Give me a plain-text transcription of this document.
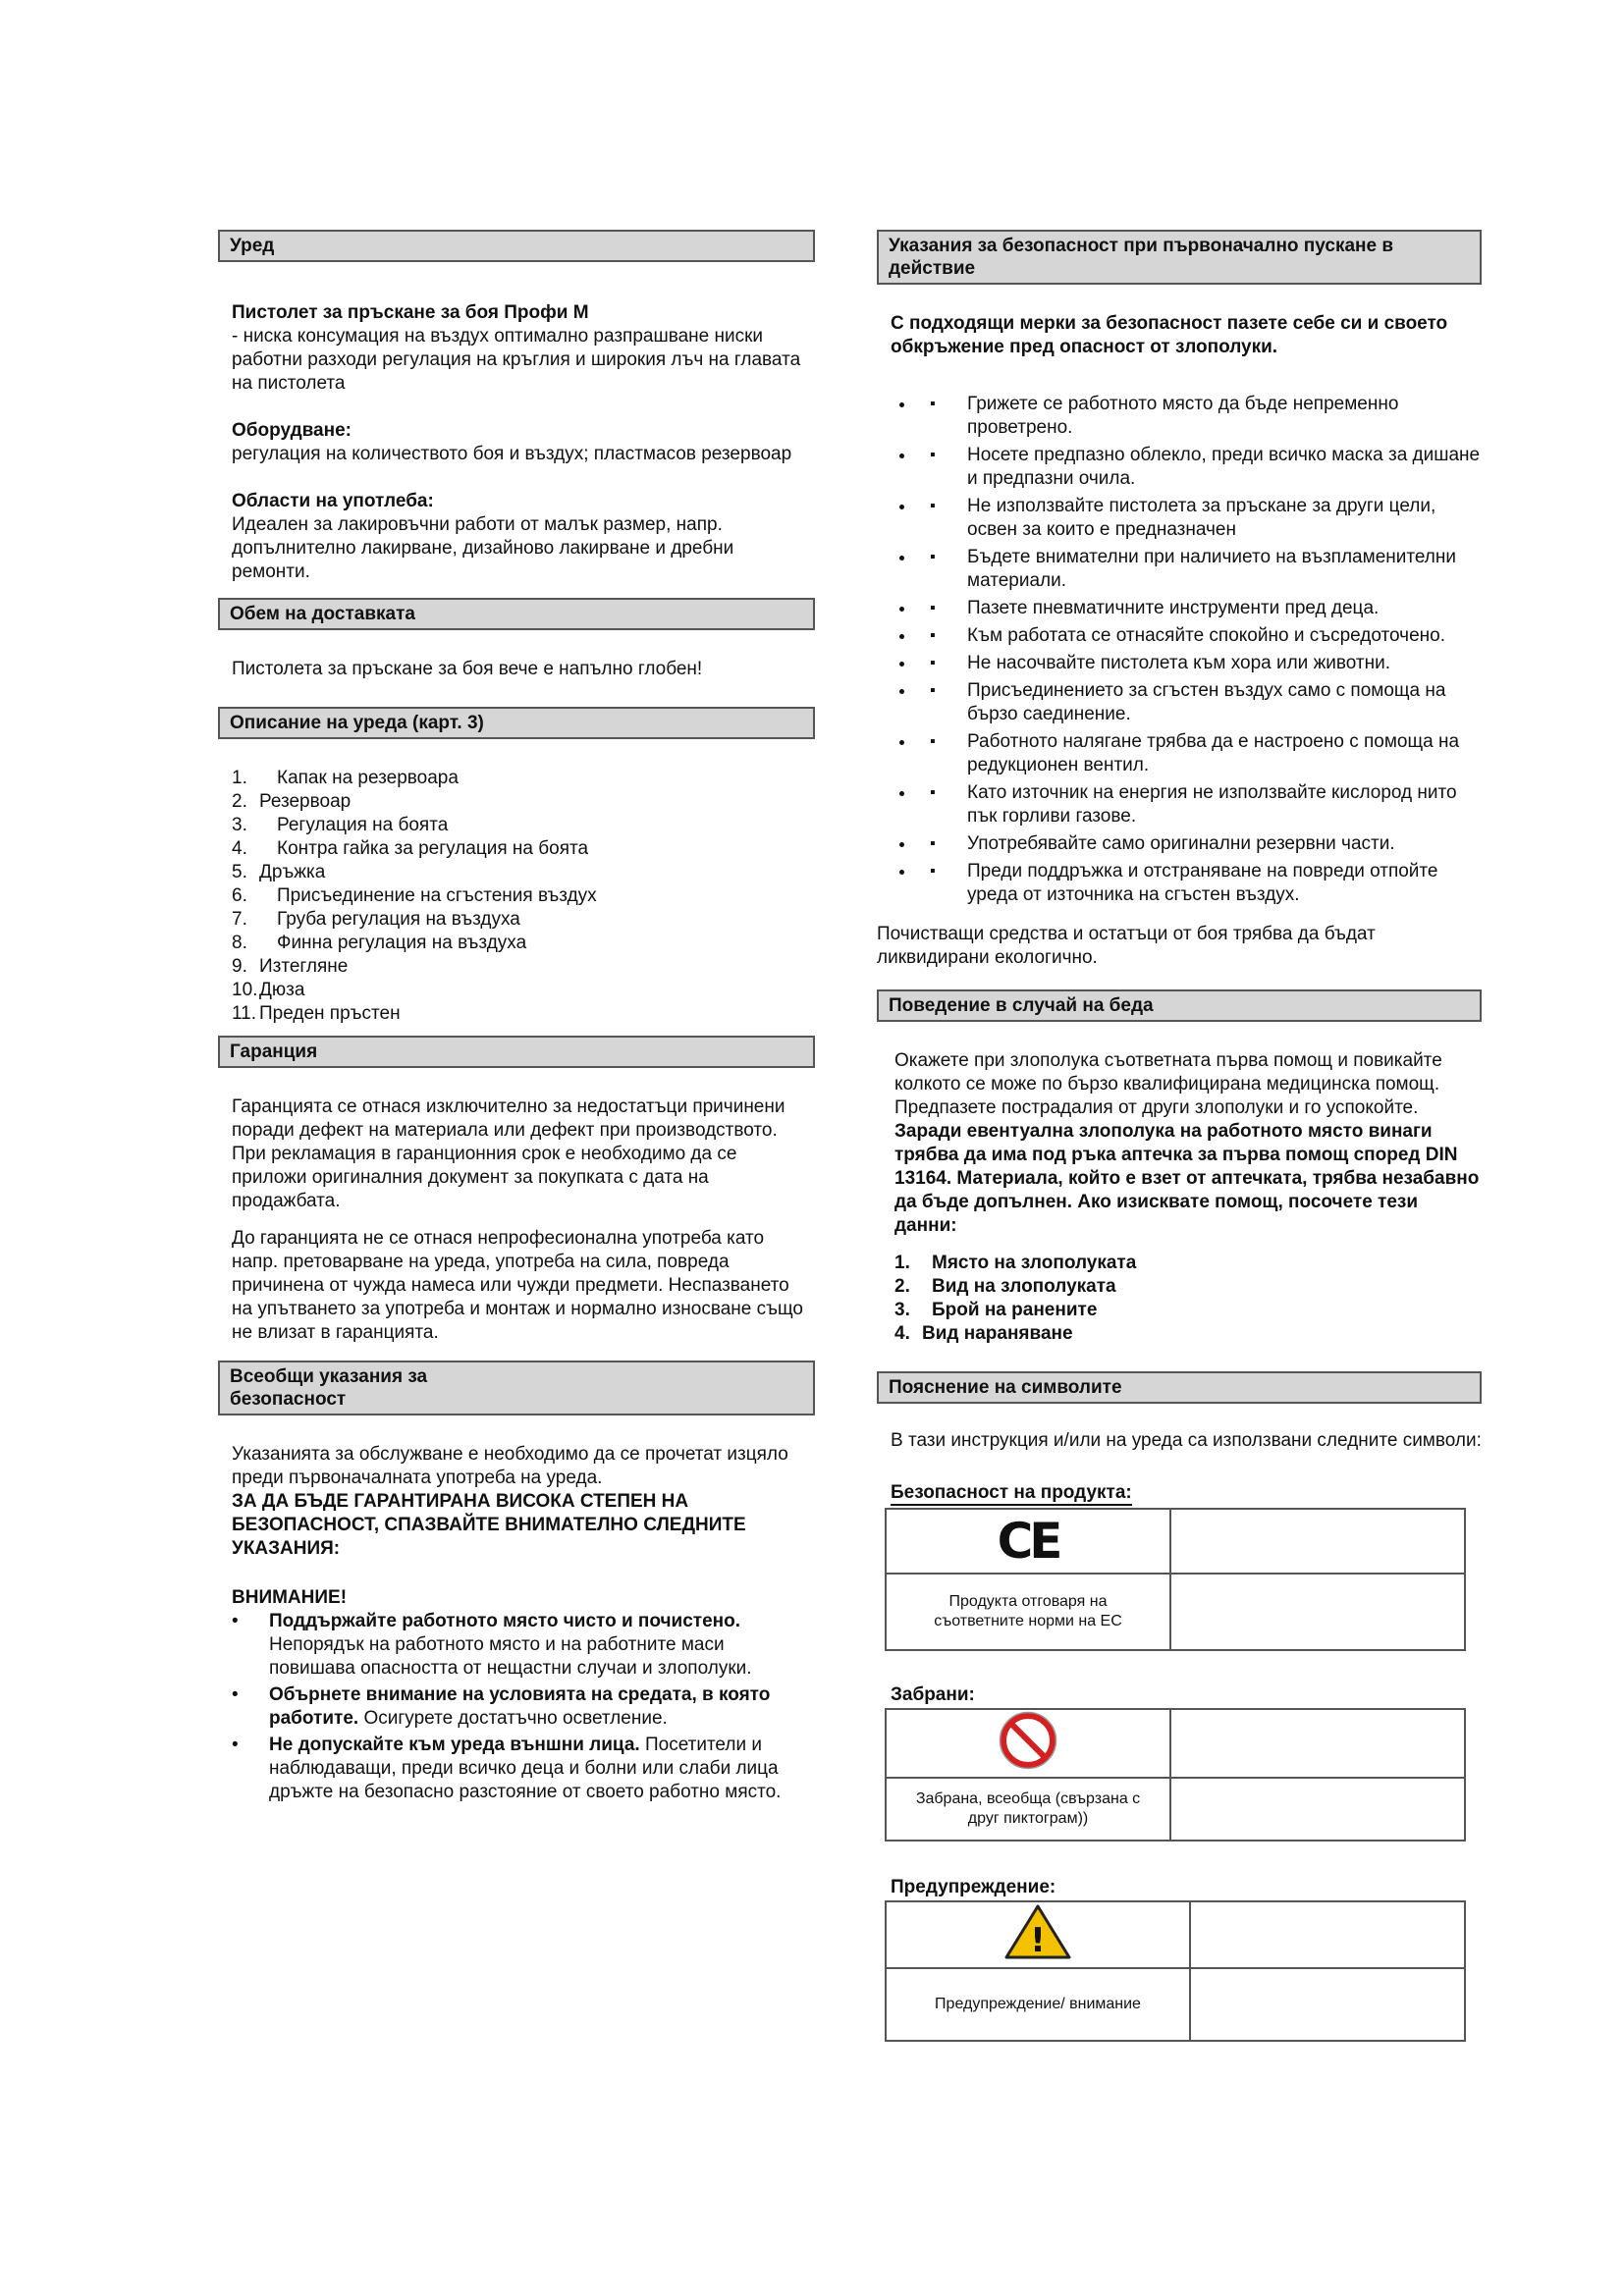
Уред
Пистолет за пръскане за боя Профи М
- ниска консумация на въздух оптимално разпрашване ниски работни разходи регулация на кръглия и широкия лъч на главата на пистолета
Оборудване:
регулация на количеството боя и въздух; пластмасов резервоар
Области на употлеба:
Идеален за лакировъчни работи от малък размер, напр. допълнително лакирване, дизайново лакирване и дребни ремонти.
Обем на доставката
Пистолета за пръскане за боя вече е напълно глобен!
Описание на уреда (карт. 3)
1. Капак на резервоара
2. Резервоар
3. Регулация на боята
4. Контра гайка за регулация на боята
5. Дръжка
6. Присъединение на сгъстения въздух
7. Груба регулация на въздуха
8. Финна регулация на въздуха
9. Изтегляне
10. Дюза
11. Преден пръстен
Гаранция
Гаранцията се отнася изключително за недостатъци причинени поради дефект на материала или дефект при производството.
При рекламация в гаранционния срок е необходимо да се приложи оригиналния документ за покупката с дата на продажбата.
До гаранцията не се отнася непрофесионална употреба като напр. претоварване на уреда, употреба на сила, повреда причинена от чужда намеса или чужди предмети. Неспазването на упътването за употреба и монтаж и нормално износване също не влизат в гаранцията.
Всеобщи указания за
безопасност
Указанията за обслужване е необходимо да се прочетат изцяло преди първоначалната употреба на уреда.
ЗА ДА БЪДЕ ГАРАНТИРАНА ВИСОКА СТЕПЕН НА БЕЗОПАСНОСТ, СПАЗВАЙТЕ ВНИМАТЕЛНО СЛЕДНИТЕ УКАЗАНИЯ:
ВНИМАНИЕ!
• Поддържайте работното място чисто и почистено. Непорядък на работното място и на работните маси повишава опасността от нещастни случаи и злополуки.
• Обърнете внимание на условията на средата, в която работите. Осигурете достатъчно осветление.
• Не допускайте към уреда външни лица. Посетители и наблюдаващи, преди всичко деца и болни или слаби лица дръжте на безопасно разстояние от своето работно място.
Указания за безопасност при първоначално пускане в действие
С подходящи мерки за безопасност пазете себе си и своето обкръжение пред опасност от злополуки.
▪ • Грижете се работното място да бъде непременно проветрено.
▪ • Носете предпазно облекло, преди всичко маска за дишане и предпазни очила.
▪ • Не използвайте пистолета за пръскане за други цели, освен за които е предназначен
▪ • Бъдете внимателни при наличието на възпламенителни материали.
▪ • Пазете пневматичните инструменти пред деца.
▪ • Към работата се отнасяйте спокойно и съсредоточено.
▪ • Не насочвайте пистолета към хора или животни.
▪ • Присъединението за сгъстен въздух само с помоща на бързо саединение.
▪ • Работното налягане трябва да е настроено с помоща на редукционен вентил.
▪ • Като източник на енергия не използвайте кислород нито пък горливи газове.
▪ • Употребявайте само оригинални резервни части.
▪ • Преди поддръжка и отстраняване на повреди отпойте уреда от източника на сгъстен въздух.
Почистващи средства и остатъци от боя трябва да бъдат ликвидирани екологично.
Поведение в случай на беда
Окажете при злополука съответната първа помощ и повикайте колкото се може по бързо квалифицирана медицинска помощ. Предпазете пострадалия от други злополуки и го успокойте.
Заради евентуална злополука на работното място винаги трябва да има под ръка аптечка за първа помощ според DIN 13164. Материала, който е взет от аптечката, трябва незабавно да бъде допълнен. Ако изисквате помощ, посочете тези данни:
1. Място на злополуката
2. Вид на злополуката
3. Брой на ранените
4. Вид нараняване
Пояснение на символите
В тази инструкция и/или на уреда са използвани следните символи:
Безопасност на продукта:
CE	
Продукта отговаря на съответните норми на ЕС	
Забрани:

Забрана, всеобща (свързана с друг пиктограм))	
Предупреждение:
!	

Предупреждение/ внимание	
